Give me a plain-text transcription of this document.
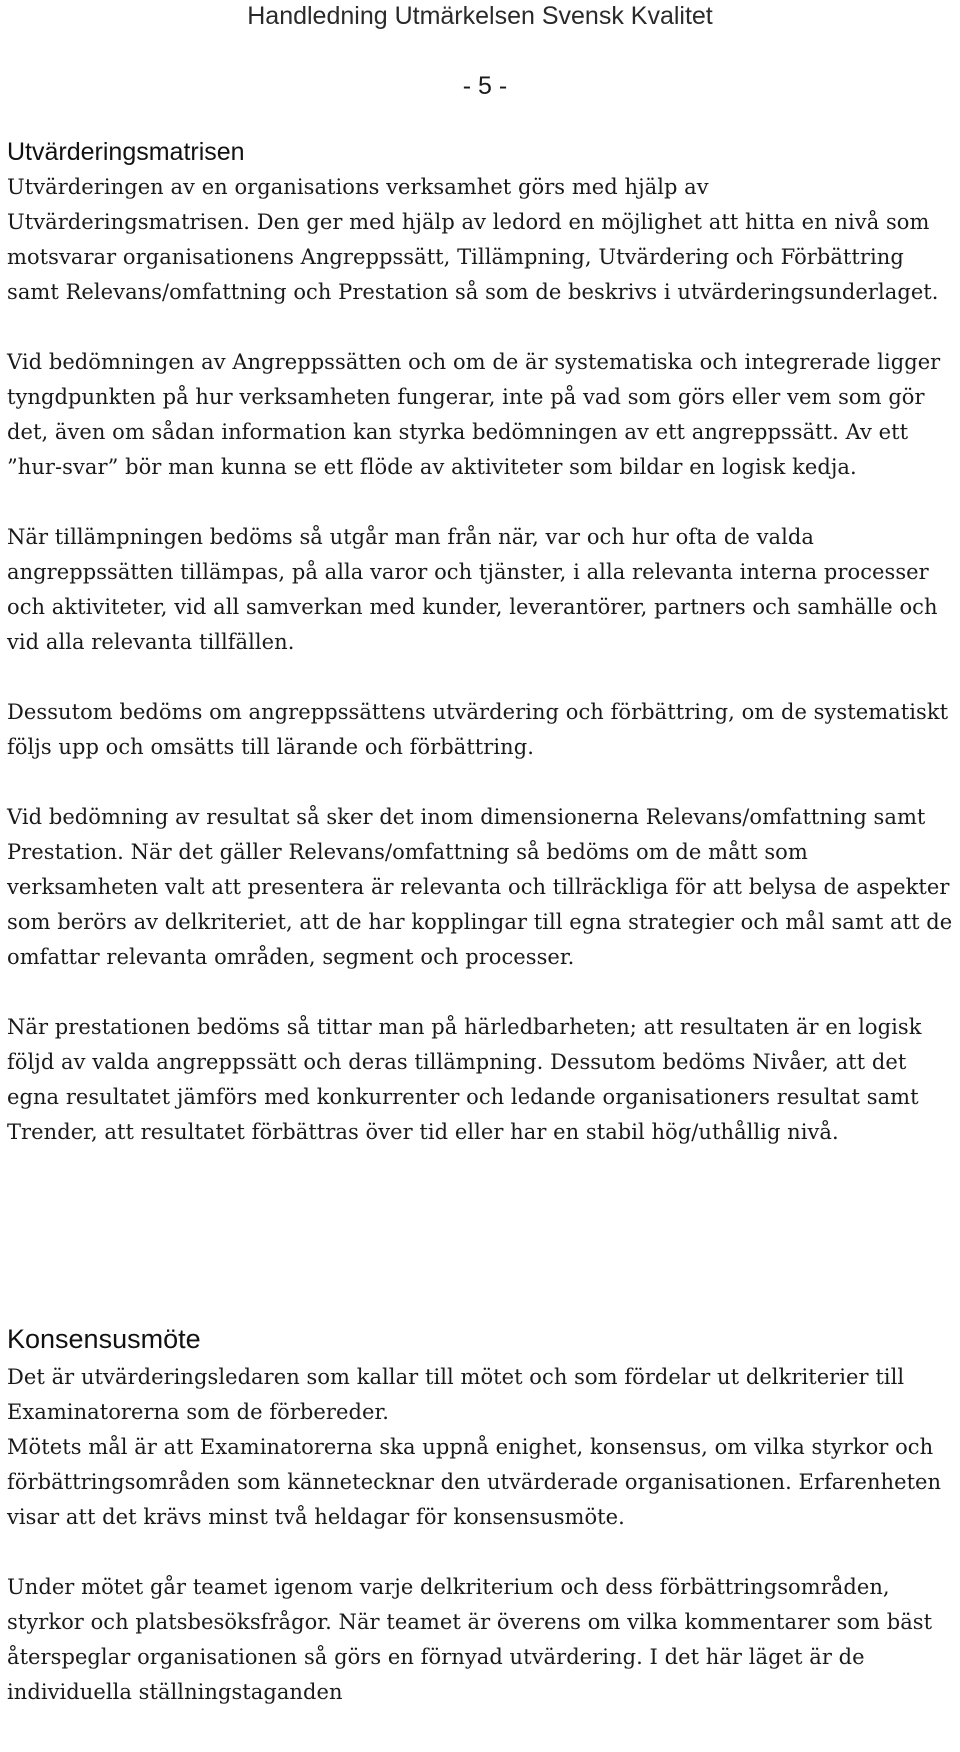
Handledning Utmärkelsen Svensk Kvalitet
- 5 -
Utvärderingsmatrisen

Utvärderingen av en organisations verksamhet görs med hjälp av Utvärderingsmatrisen. Den ger med hjälp av ledord en möjlighet att hitta en nivå som motsvarar organisationens Angreppssätt, Tillämpning, Utvärdering och Förbättring samt Relevans/omfattning och Prestation så som de beskrivs i utvärderingsunderlaget.

Vid bedömningen av Angreppssätten och om de är systematiska och integrerade ligger tyngdpunkten på hur verksamheten fungerar, inte på vad som görs eller vem som gör det, även om sådan information kan styrka bedömningen av ett angreppssätt. Av ett ”hur-svar” bör man kunna se ett flöde av aktiviteter som bildar en logisk kedja.

När tillämpningen bedöms så utgår man från när, var och hur ofta de valda angreppssätten tillämpas, på alla varor och tjänster, i alla relevanta interna processer och aktiviteter, vid all samverkan med kunder, leverantörer, partners och samhälle och vid alla relevanta tillfällen.

Dessutom bedöms om angreppssättens utvärdering och förbättring, om de systematiskt följs upp och omsätts till lärande och förbättring.

Vid bedömning av resultat så sker det inom dimensionerna Relevans/omfattning samt Prestation. När det gäller Relevans/omfattning så bedöms om de mått som verksamheten valt att presentera är relevanta och tillräckliga för att belysa de aspekter som berörs av delkriteriet, att de har kopplingar till egna strategier och mål samt att de omfattar relevanta områden, segment och processer.

När prestationen bedöms så tittar man på härledbarheten; att resultaten är en logisk följd av valda angreppssätt och deras tillämpning. Dessutom bedöms Nivåer, att det egna resultatet jämförs med konkurrenter och ledande organisationers resultat samt Trender, att resultatet förbättras över tid eller har en stabil hög/uthållig nivå.

Konsensusmöte

Det är utvärderingsledaren som kallar till mötet och som fördelar ut delkriterier till Examinatorerna som de förbereder.

Mötets mål är att Examinatorerna ska uppnå enighet, konsensus, om vilka styrkor och förbättringsområden som kännetecknar den utvärderade organisationen. Erfarenheten visar att det krävs minst två heldagar för konsensusmöte.

Under mötet går teamet igenom varje delkriterium och dess förbättringsområden, styrkor och platsbesöksfrågor. När teamet är överens om vilka kommentarer som bäst återspeglar organisationen så görs en förnyad utvärdering. I det här läget är de individuella ställningstaganden
